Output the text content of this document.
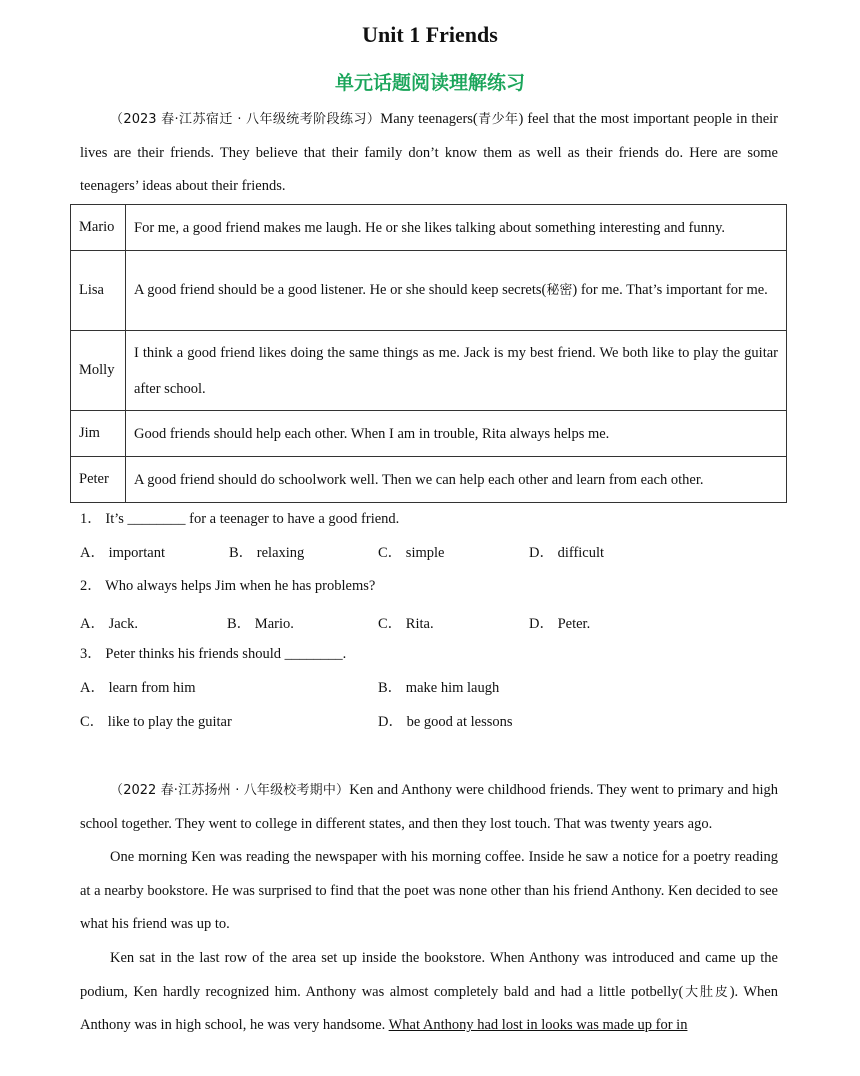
Unit 1 Friends
单元话题阅读理解练习
（2023 春·江苏宿迁 · 八年级统考阶段练习）Many teenagers(青少年) feel that the most important people in their lives are their friends. They believe that their family don’t know them as well as their friends do. Here are some teenagers’ ideas about their friends.
Mario	For me, a good friend makes me laugh. He or she likes talking about something interesting and funny.
Lisa	A good friend should be a good listener. He or she should keep secrets(秘密) for me. That’s important for me.
Molly	I think a good friend likes doing the same things as me. Jack is my best friend. We both like to play the guitar after school.
Jim	Good friends should help each other. When I am in trouble, Rita always helps me.
Peter	A good friend should do schoolwork well. Then we can help each other and learn from each other.
1． It’s ________ for a teenager to have a good friend.
A． important	B． relaxing	C． simple	D． difficult
2． Who always helps Jim when he has problems?
A． Jack.	B． Mario.	C． Rita.	D． Peter.
3． Peter thinks his friends should ________.
A． learn from him	B． make him laugh
C． like to play the guitar	D． be good at lessons
（2022 春·江苏扬州 · 八年级校考期中）Ken and Anthony were childhood friends. They went to primary and high school together. They went to college in different states, and then they lost touch. That was twenty years ago.
One morning Ken was reading the newspaper with his morning coffee. Inside he saw a notice for a poetry reading at a nearby bookstore. He was surprised to find that the poet was none other than his friend Anthony. Ken decided to see what his friend was up to.
Ken sat in the last row of the area set up inside the bookstore. When Anthony was introduced and came up the podium, Ken hardly recognized him. Anthony was almost completely bald and had a little potbelly(大肚皮). When Anthony was in high school, he was very handsome. What Anthony had lost in looks was made up for in
